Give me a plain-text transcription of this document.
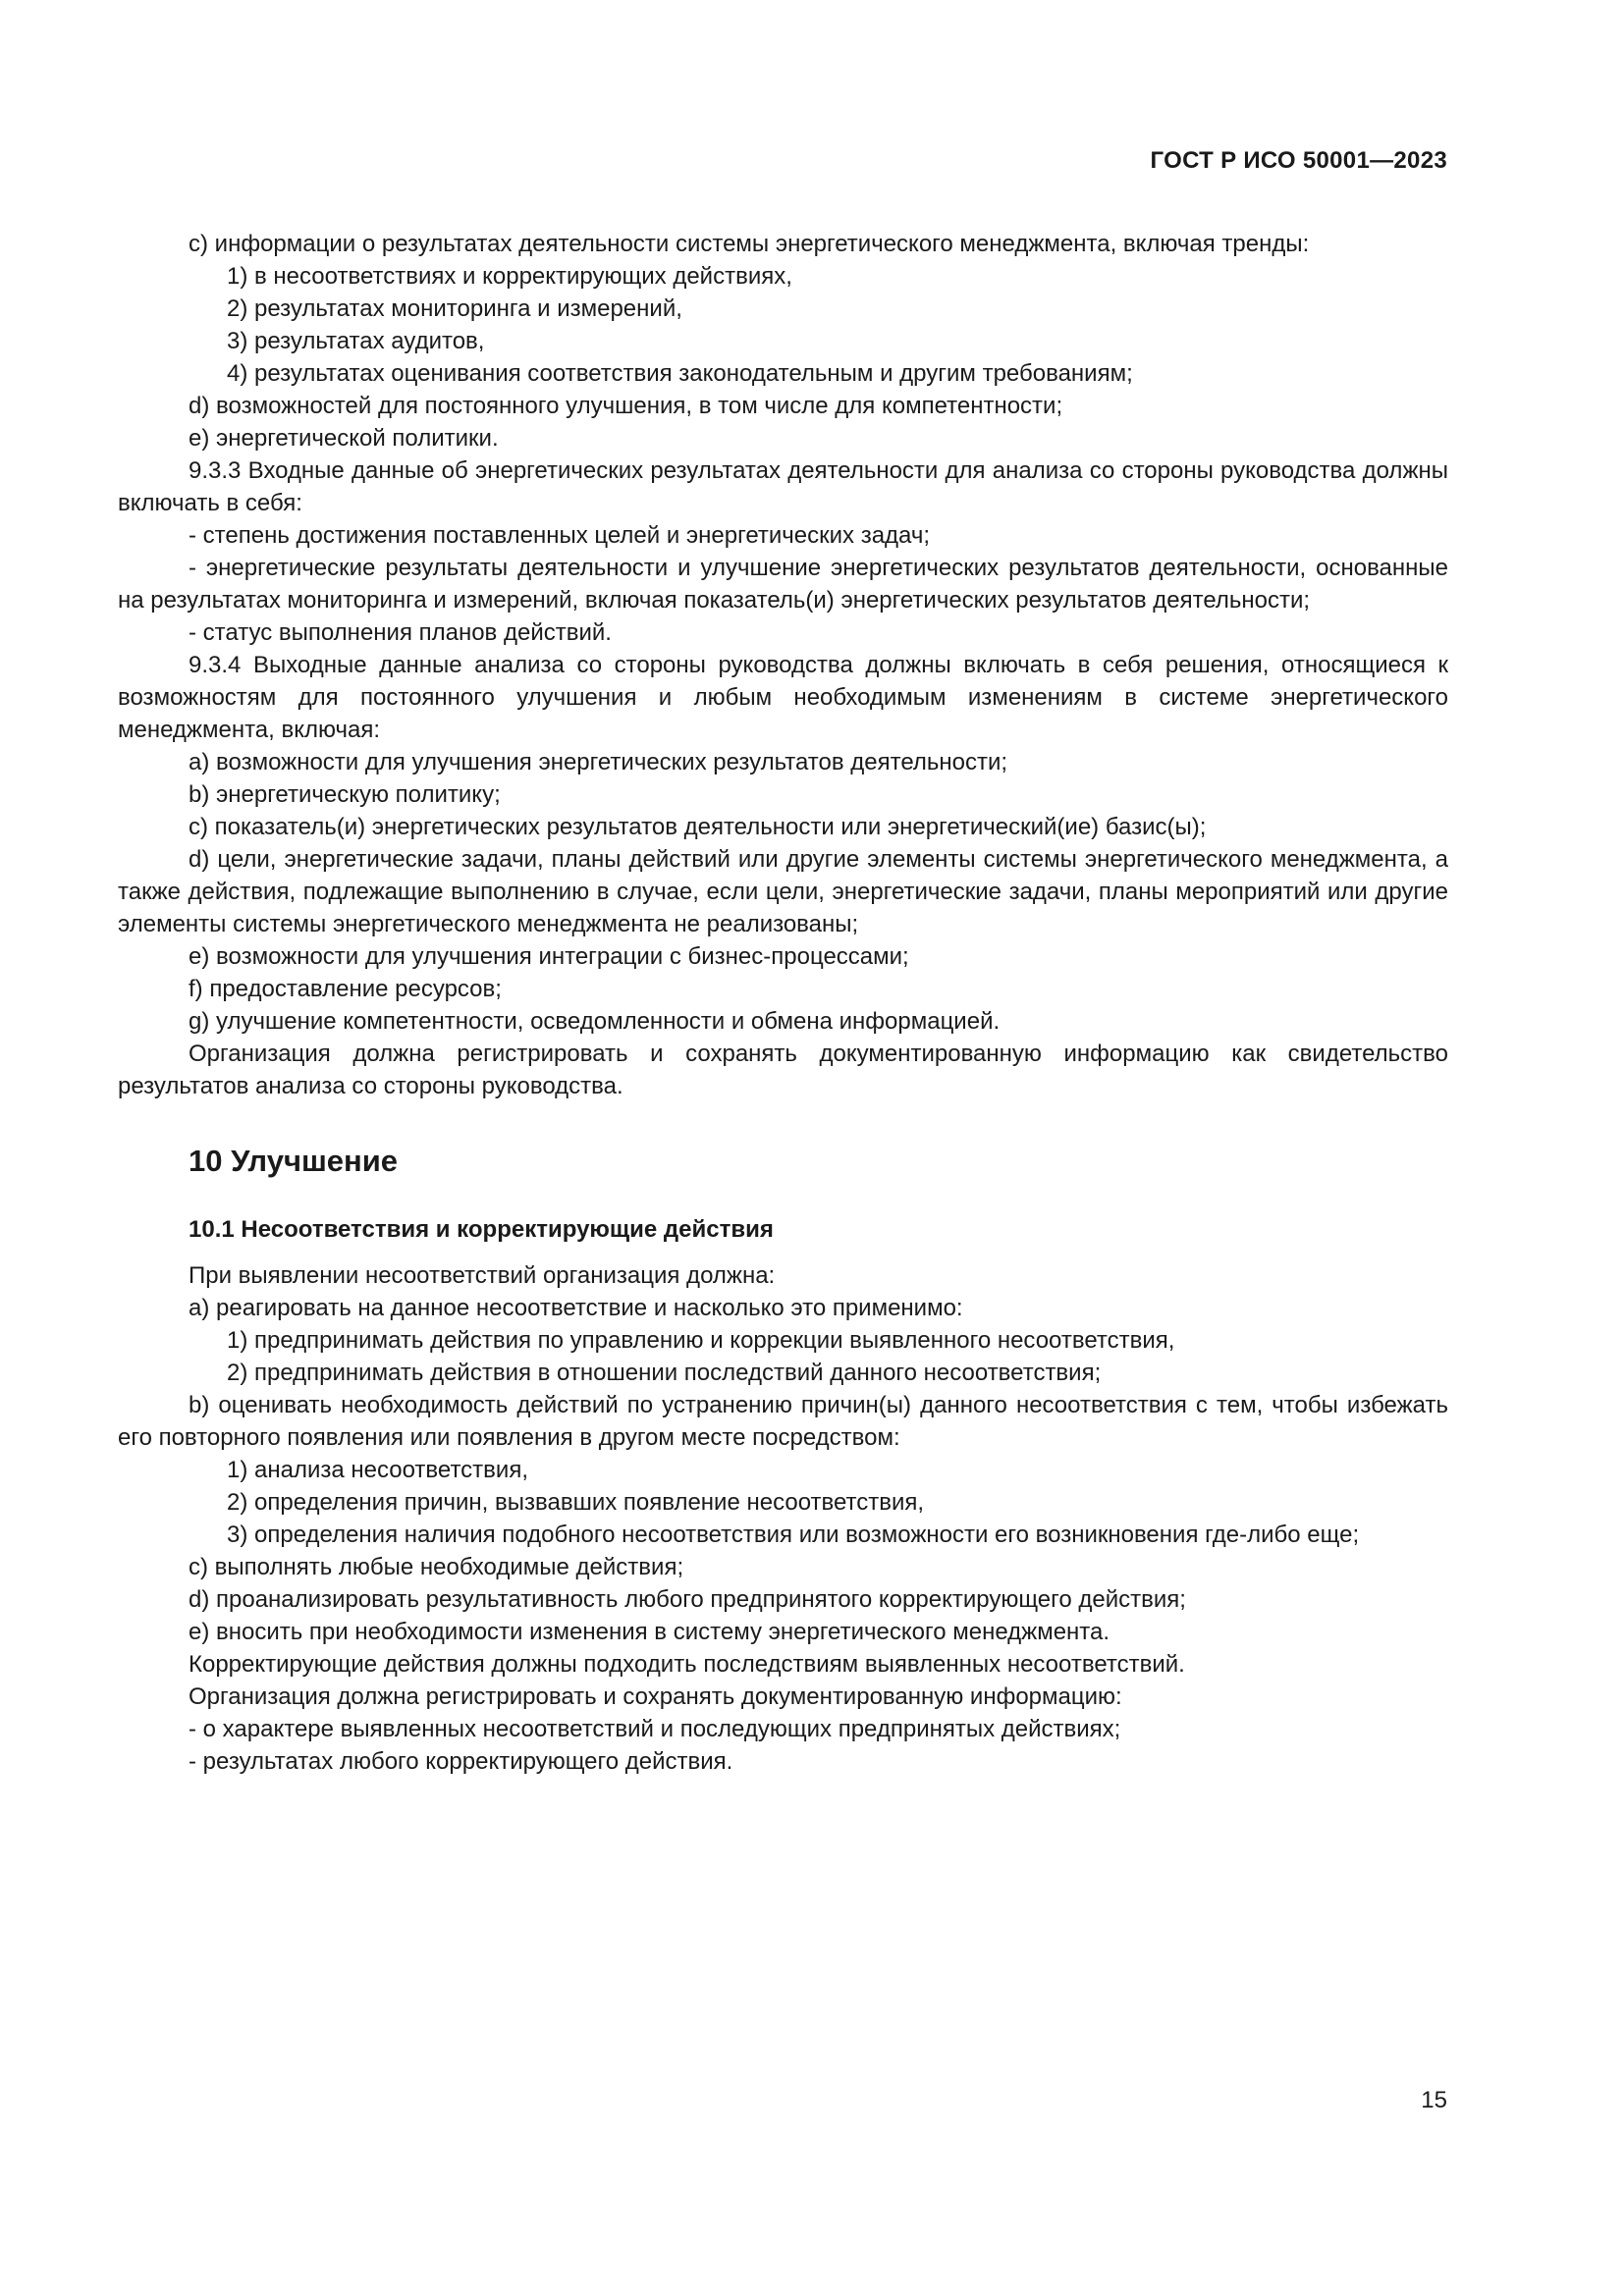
ГОСТ Р ИСО 50001—2023

c) информации о результатах деятельности системы энергетического менеджмента, включая тренды:

1) в несоответствиях и корректирующих действиях,

2) результатах мониторинга и измерений,

3) результатах аудитов,

4) результатах оценивания соответствия законодательным и другим требованиям;

d) возможностей для постоянного улучшения, в том числе для компетентности;

e) энергетической политики.

9.3.3 Входные данные об энергетических результатах деятельности для анализа со стороны руководства должны включать в себя:

- степень достижения поставленных целей и энергетических задач;

- энергетические результаты деятельности и улучшение энергетических результатов деятельности, основанные на результатах мониторинга и измерений, включая показатель(и) энергетических результатов деятельности;

- статус выполнения планов действий.

9.3.4 Выходные данные анализа со стороны руководства должны включать в себя решения, относящиеся к возможностям для постоянного улучшения и любым необходимым изменениям в системе энергетического менеджмента, включая:

a) возможности для улучшения энергетических результатов деятельности;

b) энергетическую политику;

c) показатель(и) энергетических результатов деятельности или энергетический(ие) базис(ы);

d) цели, энергетические задачи, планы действий или другие элементы системы энергетического менеджмента, а также действия, подлежащие выполнению в случае, если цели, энергетические задачи, планы мероприятий или другие элементы системы энергетического менеджмента не реализованы;

e) возможности для улучшения интеграции с бизнес-процессами;

f) предоставление ресурсов;

g) улучшение компетентности, осведомленности и обмена информацией.

Организация должна регистрировать и сохранять документированную информацию как свидетельство результатов анализа со стороны руководства.

10 Улучшение
10.1 Несоответствия и корректирующие действия

При выявлении несоответствий организация должна:

a) реагировать на данное несоответствие и насколько это применимо:

1) предпринимать действия по управлению и коррекции выявленного несоответствия,

2) предпринимать действия в отношении последствий данного несоответствия;

b) оценивать необходимость действий по устранению причин(ы) данного несоответствия с тем, чтобы избежать его повторного появления или появления в другом месте посредством:

1) анализа несоответствия,

2) определения причин, вызвавших появление несоответствия,

3) определения наличия подобного несоответствия или возможности его возникновения где-либо еще;

c) выполнять любые необходимые действия;

d) проанализировать результативность любого предпринятого корректирующего действия;

e) вносить при необходимости изменения в систему энергетического менеджмента.

Корректирующие действия должны подходить последствиям выявленных несоответствий.

Организация должна регистрировать и сохранять документированную информацию:

- о характере выявленных несоответствий и последующих предпринятых действиях;

- результатах любого корректирующего действия.

15
